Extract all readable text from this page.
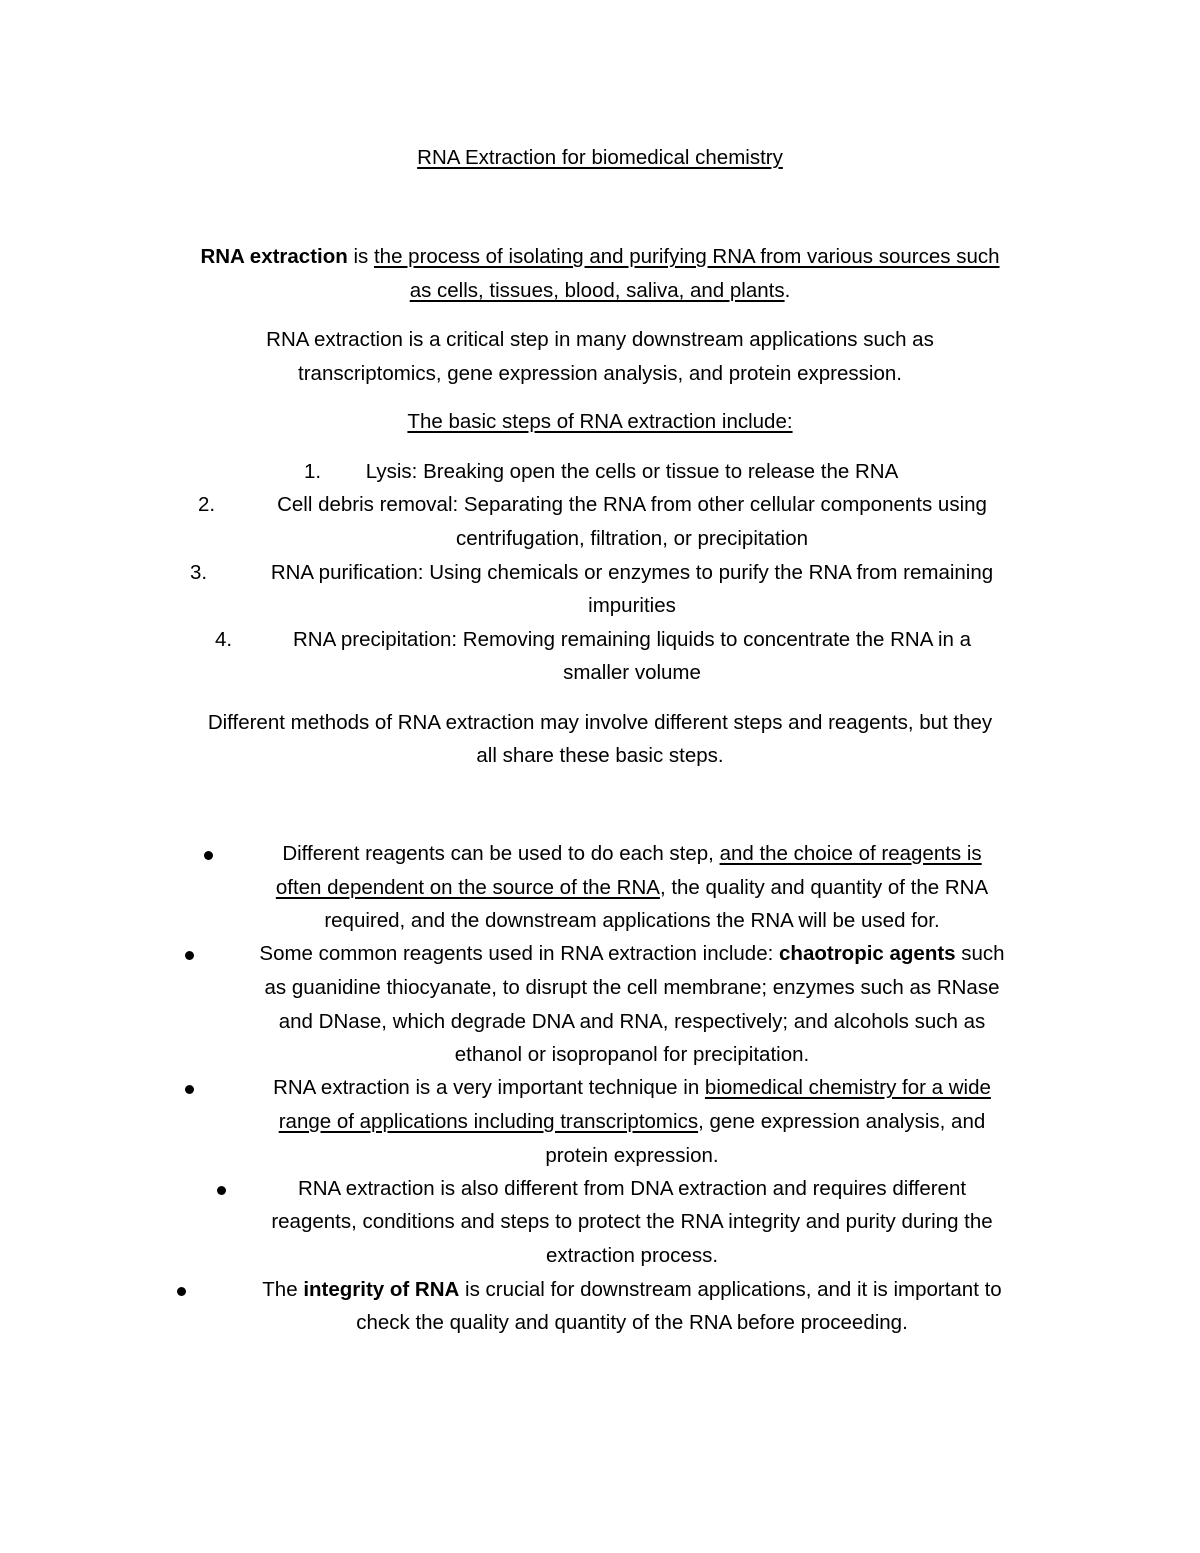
RNA Extraction for biomedical chemistry
RNA extraction is the process of isolating and purifying RNA from various sources such
as cells, tissues, blood, saliva, and plants.
RNA extraction is a critical step in many downstream applications such as
transcriptomics, gene expression analysis, and protein expression.
The basic steps of RNA extraction include:
1.	Lysis: Breaking open the cells or tissue to release the RNA
2.	Cell debris removal: Separating the RNA from other cellular components using
centrifugation, filtration, or precipitation
3.	RNA purification: Using chemicals or enzymes to purify the RNA from remaining
impurities
4.	RNA precipitation: Removing remaining liquids to concentrate the RNA in a
smaller volume
Different methods of RNA extraction may involve different steps and reagents, but they
all share these basic steps.
Different reagents can be used to do each step, and the choice of reagents is
often dependent on the source of the RNA, the quality and quantity of the RNA
required, and the downstream applications the RNA will be used for.
Some common reagents used in RNA extraction include: chaotropic agents such
as guanidine thiocyanate, to disrupt the cell membrane; enzymes such as RNase
and DNase, which degrade DNA and RNA, respectively; and alcohols such as
ethanol or isopropanol for precipitation.
RNA extraction is a very important technique in biomedical chemistry for a wide
range of applications including transcriptomics, gene expression analysis, and
protein expression.
RNA extraction is also different from DNA extraction and requires different
reagents, conditions and steps to protect the RNA integrity and purity during the
extraction process.
The integrity of RNA is crucial for downstream applications, and it is important to
check the quality and quantity of the RNA before proceeding.
